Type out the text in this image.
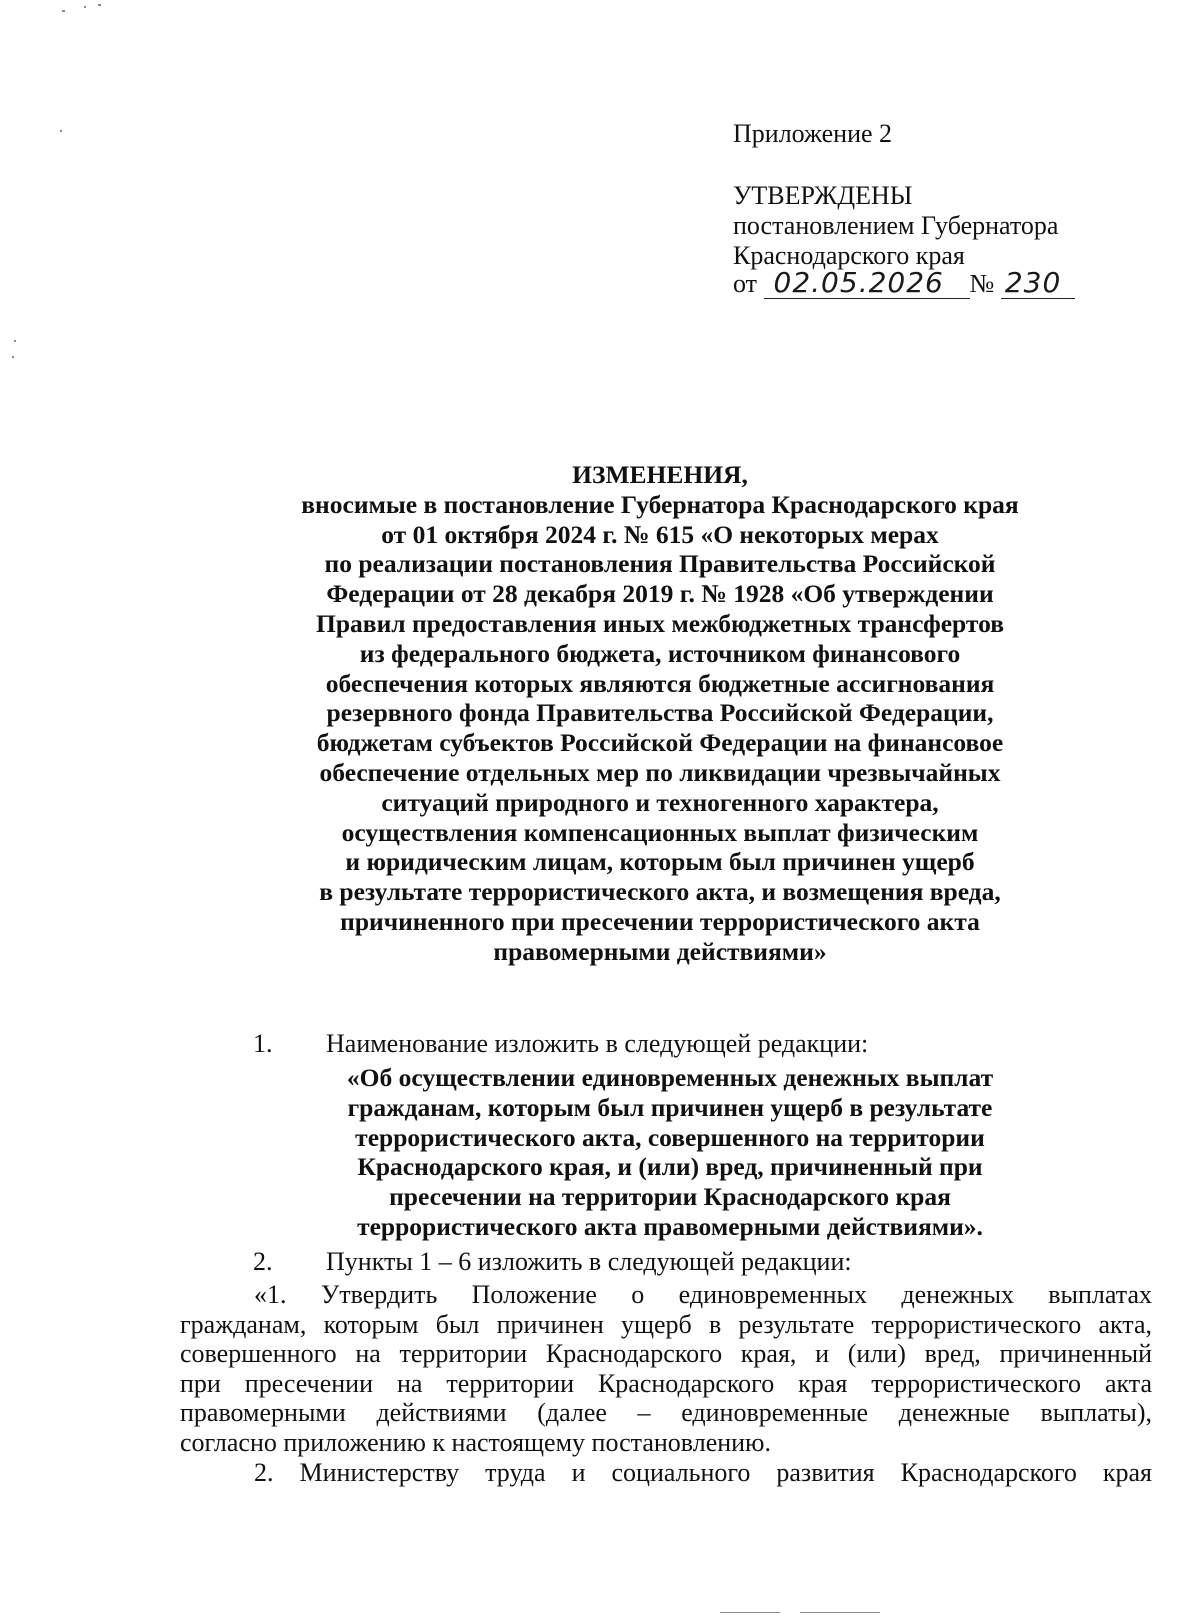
Приложение 2
УТВЕРЖДЕНЫ
постановлением Губернатора
Краснодарского края
от 02.05.2026 № 230
ИЗМЕНЕНИЯ,
вносимые в постановление Губернатора Краснодарского края
от 01 октября 2024 г. № 615 «О некоторых мерах
по реализации постановления Правительства Российской
Федерации от 28 декабря 2019 г. № 1928 «Об утверждении
Правил предоставления иных межбюджетных трансфертов
из федерального бюджета, источником финансового
обеспечения которых являются бюджетные ассигнования
резервного фонда Правительства Российской Федерации,
бюджетам субъектов Российской Федерации на финансовое
обеспечение отдельных мер по ликвидации чрезвычайных
ситуаций природного и техногенного характера,
осуществления компенсационных выплат физическим
и юридическим лицам, которым был причинен ущерб
в результате террористического акта, и возмещения вреда,
причиненного при пресечении террористического акта
правомерными действиями»
1. Наименование изложить в следующей редакции:
«Об осуществлении единовременных денежных выплат
гражданам, которым был причинен ущерб в результате
террористического акта, совершенного на территории
Краснодарского края, и (или) вред, причиненный при
пресечении на территории Краснодарского края
террористического акта правомерными действиями».
2. Пункты 1 – 6 изложить в следующей редакции:
«1. Утвердить Положение о единовременных денежных выплатах
гражданам, которым был причинен ущерб в результате террористического акта,
совершенного на территории Краснодарского края, и (или) вред, причиненный
при пресечении на территории Краснодарского края террористического акта
правомерными действиями (далее – единовременные денежные выплаты),
согласно приложению к настоящему постановлению.
2. Министерству труда и социального развития Краснодарского края
